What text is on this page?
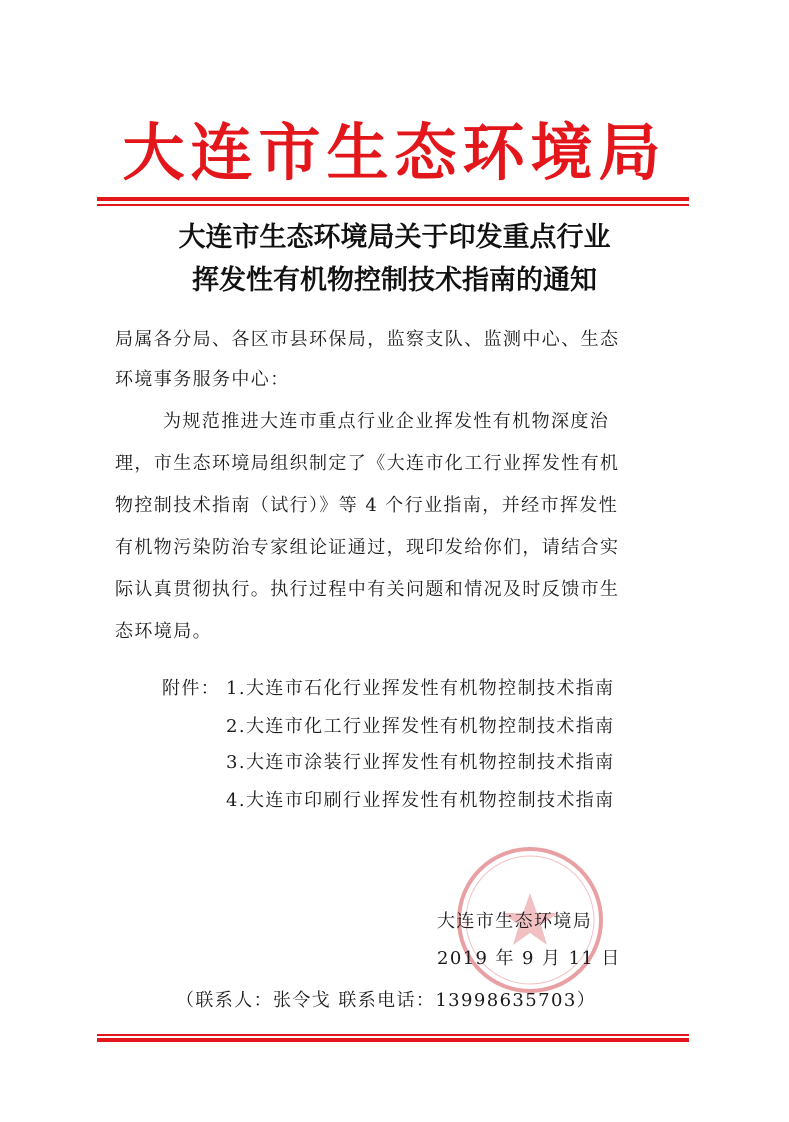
大连市生态环境局
大连市生态环境局关于印发重点行业
挥发性有机物控制技术指南的通知
局属各分局、各区市县环保局，监察支队、监测中心、生态
环境事务服务中心：
为规范推进大连市重点行业企业挥发性有机物深度治
理，市生态环境局组织制定了《大连市化工行业挥发性有机
物控制技术指南（试行）》等 4 个行业指南，并经市挥发性
有机物污染防治专家组论证通过，现印发给你们，请结合实
际认真贯彻执行。执行过程中有关问题和情况及时反馈市生
态环境局。
附件： 1.大连市石化行业挥发性有机物控制技术指南
2.大连市化工行业挥发性有机物控制技术指南
3.大连市涂装行业挥发性有机物控制技术指南
4.大连市印刷行业挥发性有机物控制技术指南
大连市生态环境局
2019 年 9 月 11 日
（联系人：张令戈 联系电话：13998635703）
